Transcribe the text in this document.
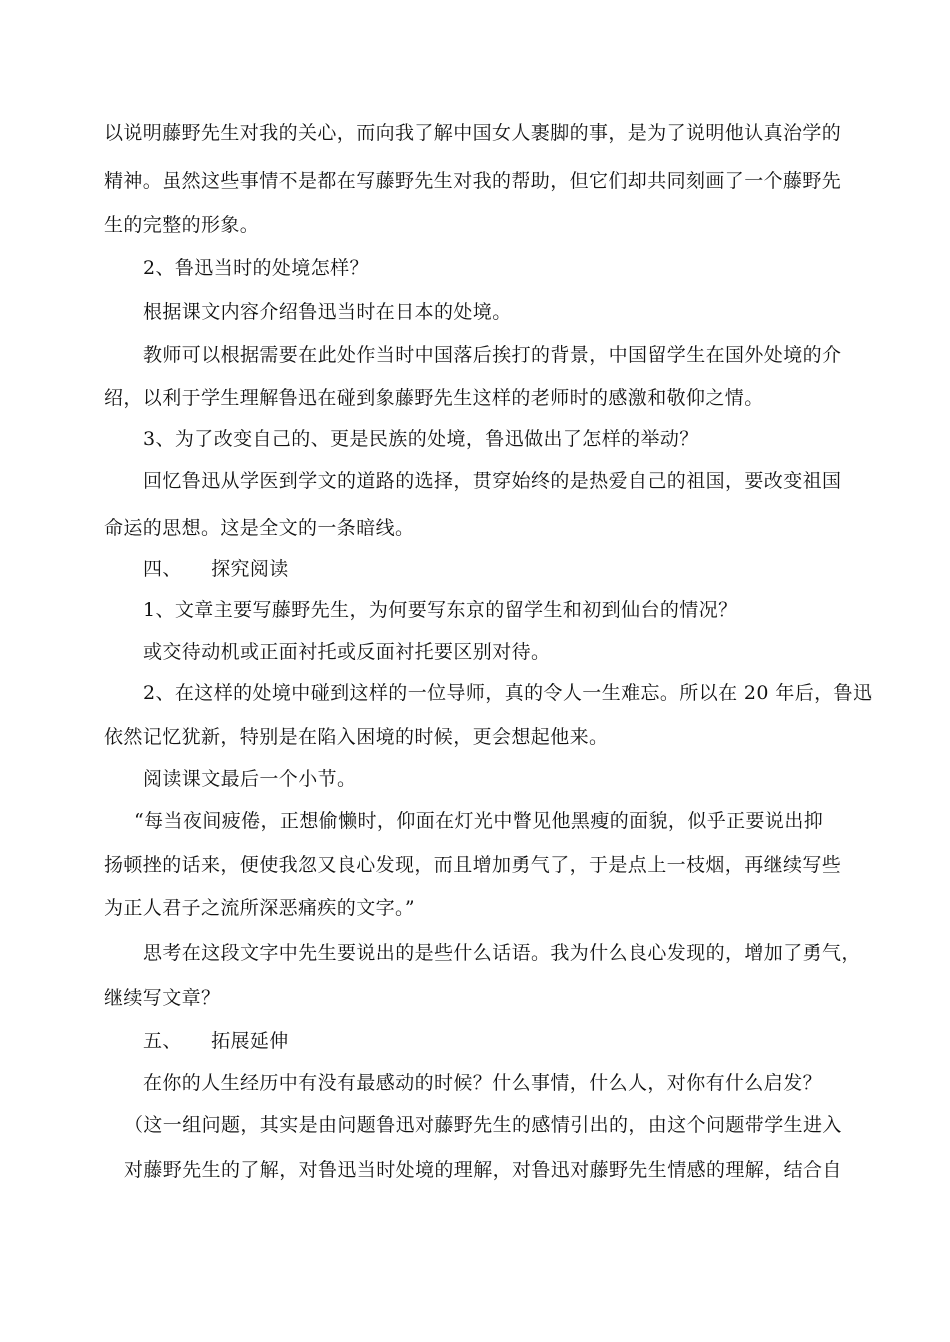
以说明藤野先生对我的关心，而向我了解中国女人裹脚的事，是为了说明他认真治学的
精神。虽然这些事情不是都在写藤野先生对我的帮助，但它们却共同刻画了一个藤野先
生的完整的形象。
2、鲁迅当时的处境怎样？
根据课文内容介绍鲁迅当时在日本的处境。
教师可以根据需要在此处作当时中国落后挨打的背景，中国留学生在国外处境的介
绍，以利于学生理解鲁迅在碰到象藤野先生这样的老师时的感激和敬仰之情。
3、为了改变自己的、更是民族的处境，鲁迅做出了怎样的举动？
回忆鲁迅从学医到学文的道路的选择，贯穿始终的是热爱自己的祖国，要改变祖国
命运的思想。这是全文的一条暗线。
四、　　探究阅读
1、文章主要写藤野先生，为何要写东京的留学生和初到仙台的情况？
或交待动机或正面衬托或反面衬托要区别对待。
2、在这样的处境中碰到这样的一位导师，真的令人一生难忘。所以在 20 年后，鲁迅
依然记忆犹新，特别是在陷入困境的时候，更会想起他来。
阅读课文最后一个小节。
“每当夜间疲倦，正想偷懒时，仰面在灯光中瞥见他黑瘦的面貌，似乎正要说出抑
扬顿挫的话来，便使我忽又良心发现，而且增加勇气了，于是点上一枝烟，再继续写些
为正人君子之流所深恶痛疾的文字。”
思考在这段文字中先生要说出的是些什么话语。我为什么良心发现的，增加了勇气，
继续写文章？
五、　　拓展延伸
在你的人生经历中有没有最感动的时候？什么事情，什么人，对你有什么启发？
（这一组问题，其实是由问题鲁迅对藤野先生的感情引出的，由这个问题带学生进入
对藤野先生的了解，对鲁迅当时处境的理解，对鲁迅对藤野先生情感的理解，结合自
